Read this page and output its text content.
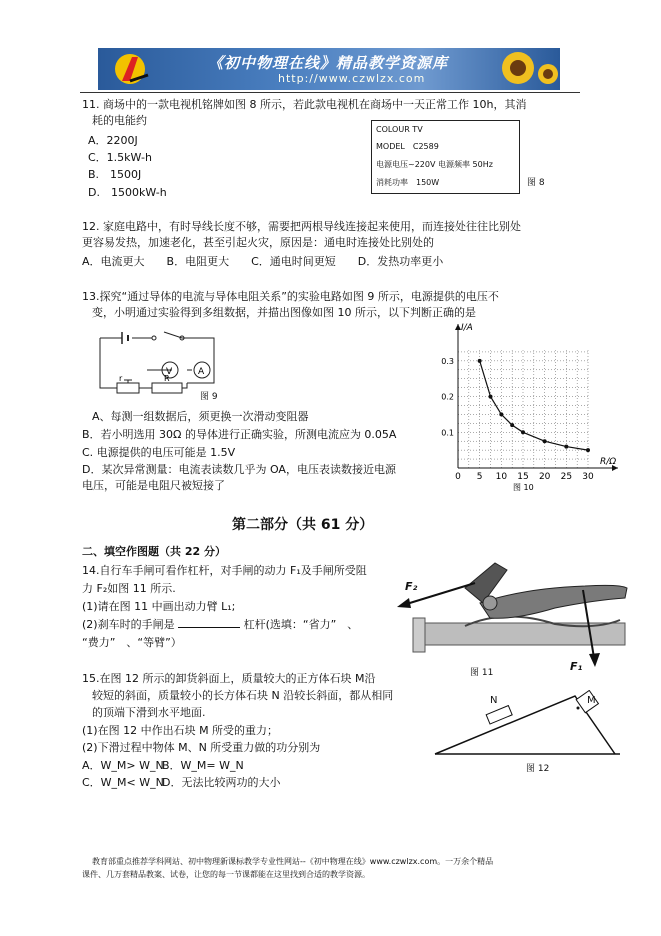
《初中物理在线》精品教学资源库
http://www.czwlzx.com
11. 商场中的一款电视机铭牌如图 8 所示，若此款电视机在商场中一天正常工作 10h，其消
耗的电能约
A．2200J
C．1.5kW-h
B.　1500J
D.　1500kW-h
COLOUR TV
MODEL　C2589
电源电压~220V 电源频率 50Hz
消耗功率　150W	图 8
12. 家庭电路中，有时导线长度不够，需要把两根导线连接起来使用，而连接处往往比别处
更容易发热，加速老化，甚至引起火灾，原因是：通电时连接处比别处的
A．电流更大　　B．电阻更大　　C．通电时间更短　　D．发热功率更小
13.探究“通过导体的电流与导体电阻关系”的实验电路如图 9 所示，电源提供的电压不
变，小明通过实验得到多组数据，并描出图像如图 10 所示，以下判断正确的是
V	A
r	R
图 9
A、每测一组数据后，须更换一次滑动变阻器
B．若小明选用 30Ω 的导体进行正确实验，所测电流应为 0.05A
C. 电源提供的电压可能是 1.5V
D．某次异常测量：电流表读数几乎为 OA，电压表读数接近电源
电压，可能是电阻尺被短接了
0 5 10 15 20 25 30
0.1
0.2
0.3
I/A
R/Ω
图 10
第二部分（共 61 分）
二、填空作图题（共 22 分）
14.自行车手闸可看作杠杆，对手闸的动力 F₁及手闸所受阻
力 F₂如图 11 所示.
(1)请在图 11 中画出动力臂 L₁;
(2)刹车时的手闸是	杠杆(选填：“省力”　、
“费力”　、“等臂”）
F₂
F₁
图 11
15.在图 12 所示的卸货斜面上，质量较大的正方体石块 M沿
较短的斜面，质量较小的长方体石块 N 沿较长斜面，都从相同
的顶端下滑到水平地面.
(1)在图 12 中作出石块 M 所受的重力；
(2)下滑过程中物体 M、N 所受重力做的功分别为
A．W_M> W_N
B．W_M= W_N
C．W_M< W_N
D．无法比较两功的大小
N	M
图 12
教育部重点推荐学科网站、初中物理新课标教学专业性网站--《初中物理在线》www.czwlzx.com。一万余个精品
课件、几万套精品教案、试卷，让您的每一节课都能在这里找到合适的教学资源。
